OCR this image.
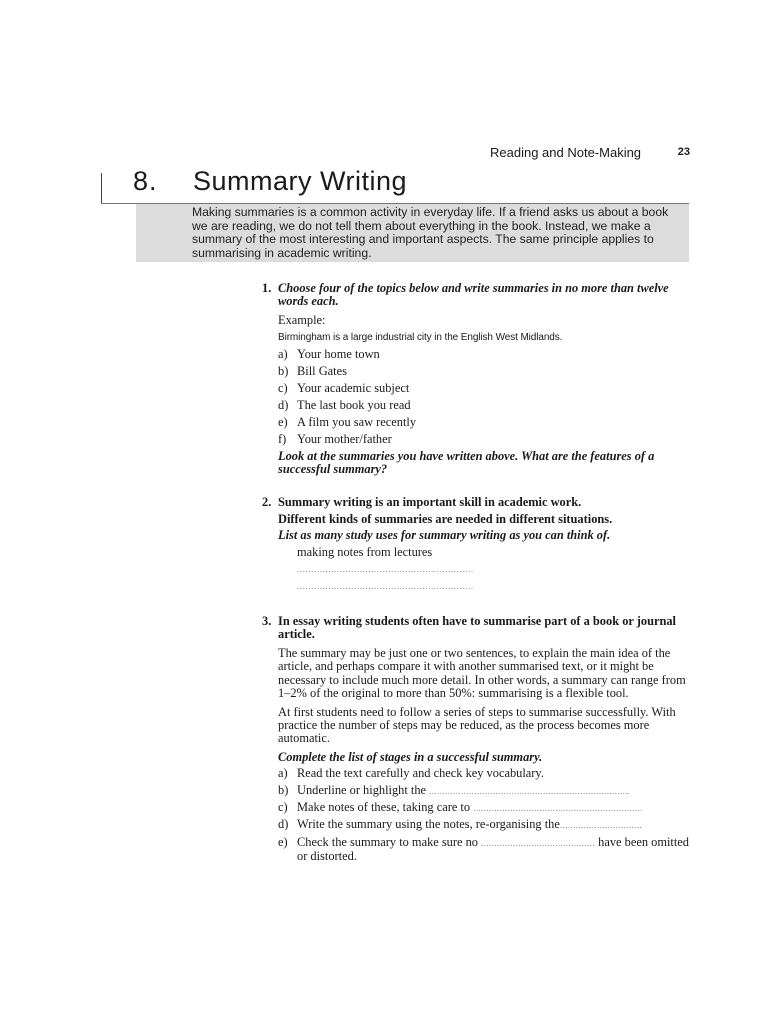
Reading and Note-Making	23
8. Summary Writing
Making summaries is a common activity in everyday life. If a friend asks us about a book we are reading, we do not tell them about everything in the book. Instead, we make a summary of the most interesting and important aspects. The same principle applies to summarising in academic writing.
1. Choose four of the topics below and write summaries in no more than twelve words each.

Example:

Birmingham is a large industrial city in the English West Midlands.

a) Your home town
b) Bill Gates
c) Your academic subject
d) The last book you read
e) A film you saw recently
f) Your mother/father

Look at the summaries you have written above. What are the features of a successful summary?

2. Summary writing is an important skill in academic work.

Different kinds of summaries are needed in different situations.

List as many study uses for summary writing as you can think of.

making notes from lectures

..............................................................

..............................................................

3. In essay writing students often have to summarise part of a book or journal article.

The summary may be just one or two sentences, to explain the main idea of the article, and perhaps compare it with another summarised text, or it might be necessary to include much more detail. In other words, a summary can range from 1–2% of the original to more than 50%: summarising is a flexible tool.

At first students need to follow a series of steps to summarise successfully. With practice the number of steps may be reduced, as the process becomes more automatic.

Complete the list of stages in a successful summary.

a) Read the text carefully and check key vocabulary.
b) Underline or highlight the ............................................................................
c) Make notes of these, taking care to ................................................................
d) Write the summary using the notes, re-organising the...............................
e) Check the summary to make sure no ........................................... have been omitted or distorted.
